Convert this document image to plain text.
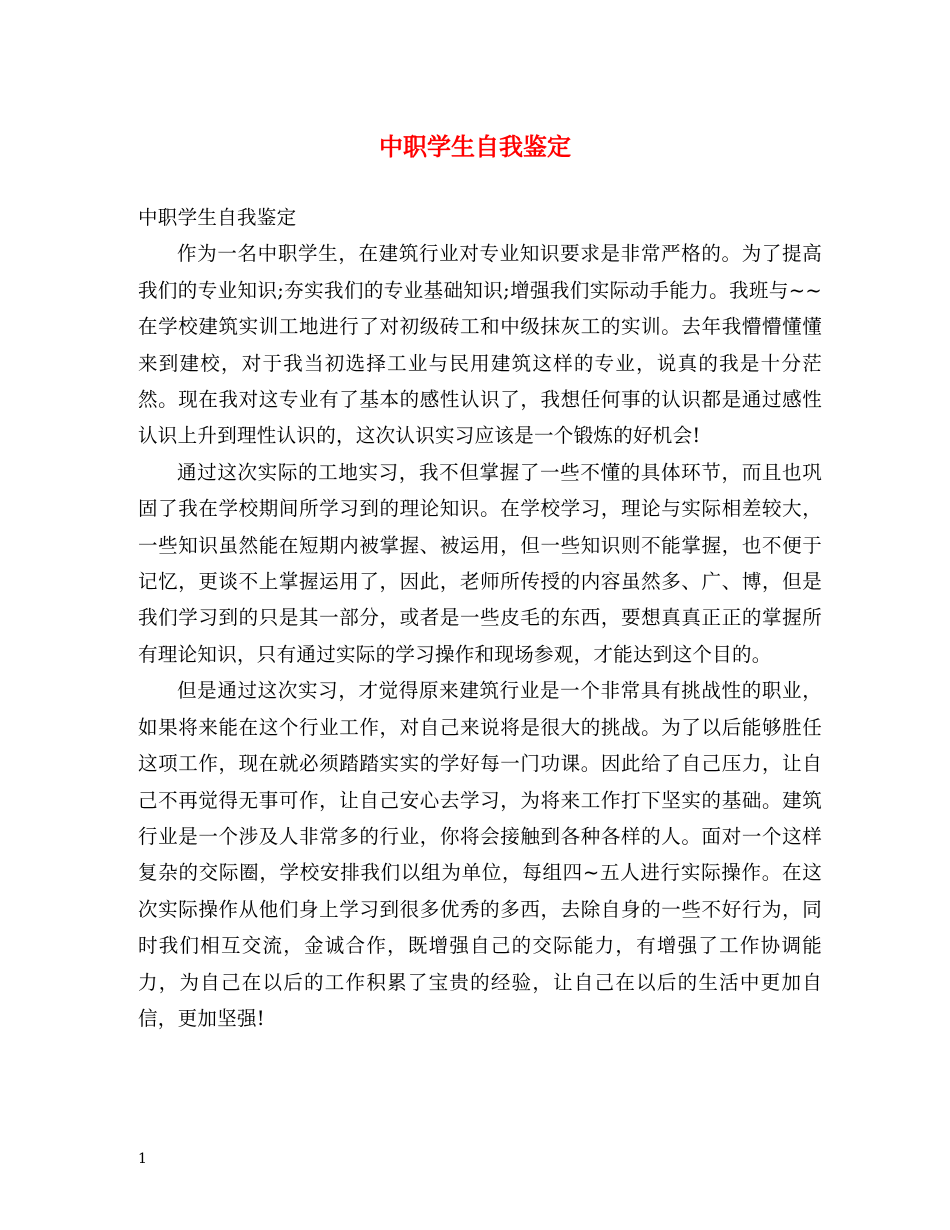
中职学生自我鉴定

中职学生自我鉴定

作为一名中职学生，在建筑行业对专业知识要求是非常严格的。为了提高我们的专业知识;夯实我们的专业基础知识;增强我们实际动手能力。我班与~~在学校建筑实训工地进行了对初级砖工和中级抹灰工的实训。去年我懵懵懂懂来到建校，对于我当初选择工业与民用建筑这样的专业，说真的我是十分茫然。现在我对这专业有了基本的感性认识了，我想任何事的认识都是通过感性认识上升到理性认识的，这次认识实习应该是一个锻炼的好机会!

通过这次实际的工地实习，我不但掌握了一些不懂的具体环节，而且也巩固了我在学校期间所学习到的理论知识。在学校学习，理论与实际相差较大，一些知识虽然能在短期内被掌握、被运用，但一些知识则不能掌握，也不便于记忆，更谈不上掌握运用了，因此，老师所传授的内容虽然多、广、博，但是我们学习到的只是其一部分，或者是一些皮毛的东西，要想真真正正的掌握所有理论知识，只有通过实际的学习操作和现场参观，才能达到这个目的。

但是通过这次实习，才觉得原来建筑行业是一个非常具有挑战性的职业，如果将来能在这个行业工作，对自己来说将是很大的挑战。为了以后能够胜任这项工作，现在就必须踏踏实实的学好每一门功课。因此给了自己压力，让自己不再觉得无事可作，让自己安心去学习，为将来工作打下坚实的基础。建筑行业是一个涉及人非常多的行业，你将会接触到各种各样的人。面对一个这样复杂的交际圈，学校安排我们以组为单位，每组四~五人进行实际操作。在这次实际操作从他们身上学习到很多优秀的多西，去除自身的一些不好行为，同时我们相互交流，金诚合作，既增强自己的交际能力，有增强了工作协调能力，为自己在以后的工作积累了宝贵的经验，让自己在以后的生活中更加自信，更加坚强!

1
